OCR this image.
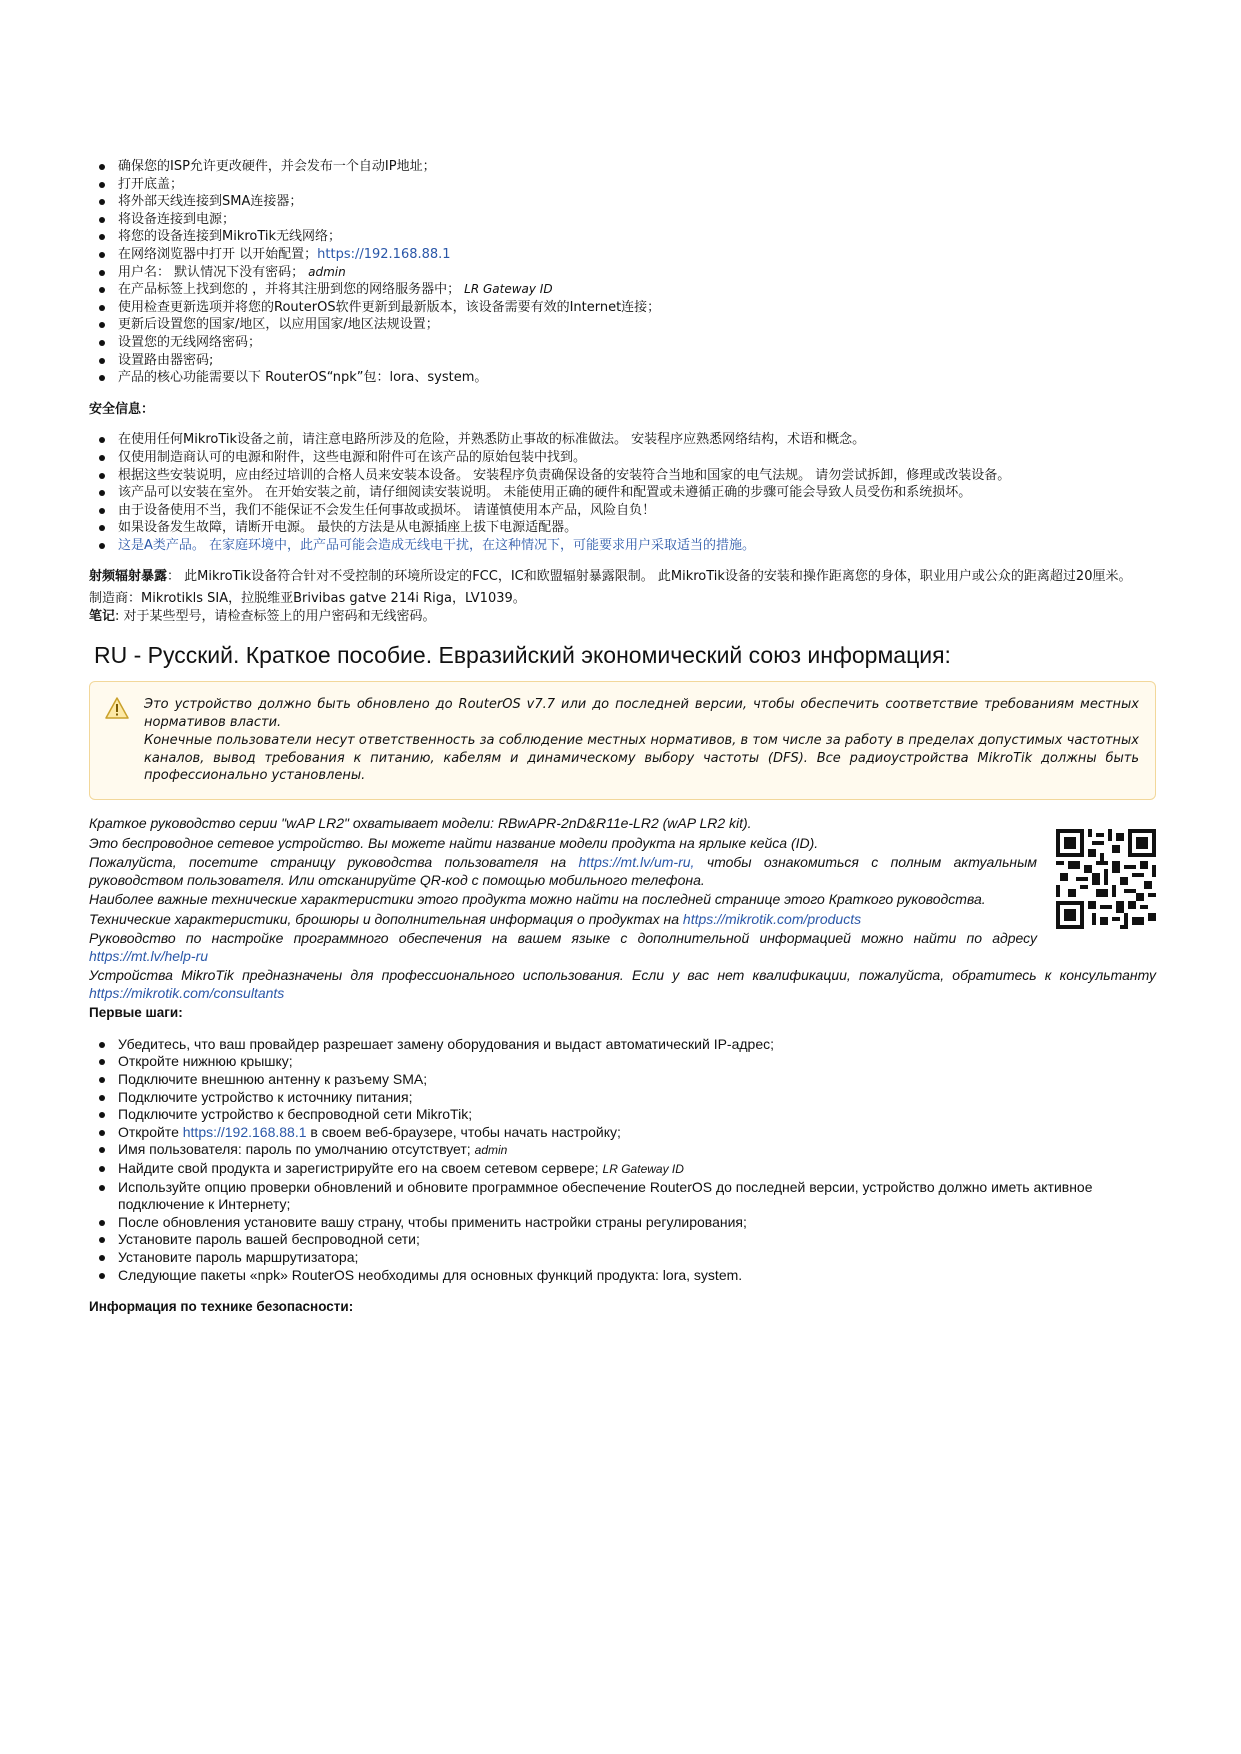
确保您的ISP允许更改硬件，并会发布一个自动IP地址；
打开底盖；
将外部天线连接到SMA连接器；
将设备连接到电源；
将您的设备连接到MikroTik无线网络；
在网络浏览器中打开 以开始配置；https://192.168.88.1
用户名： 默认情况下没有密码； admin
在产品标签上找到您的 ，并将其注册到您的网络服务器中； LR Gateway ID
使用检查更新选项并将您的RouterOS软件更新到最新版本，该设备需要有效的Internet连接；
更新后设置您的国家/地区，以应用国家/地区法规设置；
设置您的无线网络密码；
设置路由器密码;
产品的核心功能需要以下 RouterOS“npk”包：lora、system。

安全信息：

在使用任何MikroTik设备之前，请注意电路所涉及的危险，并熟悉防止事故的标准做法。 安装程序应熟悉网络结构，术语和概念。
仅使用制造商认可的电源和附件，这些电源和附件可在该产品的原始包装中找到。
根据这些安装说明，应由经过培训的合格人员来安装本设备。 安装程序负责确保设备的安装符合当地和国家的电气法规。 请勿尝试拆卸，修理或改装设备。
该产品可以安装在室外。 在开始安装之前，请仔细阅读安装说明。 未能使用正确的硬件和配置或未遵循正确的步骤可能会导致人员受伤和系统损坏。
由于设备使用不当，我们不能保证不会发生任何事故或损坏。 请谨慎使用本产品，风险自负！
如果设备发生故障，请断开电源。 最快的方法是从电源插座上拔下电源适配器。
这是A类产品。 在家庭环境中，此产品可能会造成无线电干扰，在这种情况下，可能要求用户采取适当的措施。

射频辐射暴露： 此MikroTik设备符合针对不受控制的环境所设定的FCC，IC和欧盟辐射暴露限制。 此MikroTik设备的安装和操作距离您的身体，职业用户或公众的距离超过20厘米。

制造商：Mikrotikls SIA，拉脱维亚Brivibas gatve 214i Riga，LV1039。

笔记: 对于某些型号，请检查标签上的用户密码和无线密码。

RU - Русский. Краткое пособие. Евразийский экономический союз информация:

Это устройство должно быть обновлено до RouterOS v7.7 или до последней версии, чтобы обеспечить соответствие требованиям местных нормативов власти.

Конечные пользователи несут ответственность за соблюдение местных нормативов, в том числе за работу в пределах допустимых частотных каналов, вывод требования к питанию, кабелям и динамическому выбору частоты (DFS). Все радиоустройства MikroTik должны быть профессионально установлены.

Краткое руководство серии "wAP LR2" охватывает модели: RBwAPR-2nD&R11e-LR2 (wAP LR2 kit).

Это беспроводное сетевое устройство. Вы можете найти название модели продукта на ярлыке кейса (ID).

Пожалуйста, посетите страницу руководства пользователя на https://mt.lv/um-ru, чтобы ознакомиться с полным актуальным руководством пользователя. Или отсканируйте QR-код с помощью мобильного телефона.

Наиболее важные технические характеристики этого продукта можно найти на последней странице этого Краткого руководства.

Технические характеристики, брошюры и дополнительная информация о продуктах на https://mikrotik.com/products

Руководство по настройке программного обеспечения на вашем языке с дополнительной информацией можно найти по адресу https://mt.lv/help-ru

Устройства MikroTik предназначены для профессионального использования. Если у вас нет квалификации, пожалуйста, обратитесь к консультанту https://mikrotik.com/consultants

Первые шаги:

Убедитесь, что ваш провайдер разрешает замену оборудования и выдаст автоматический IP-адрес;
Откройте нижнюю крышку;
Подключите внешнюю антенну к разъему SMA;
Подключите устройство к источнику питания;
Подключите устройство к беспроводной сети MikroTik;
Откройте https://192.168.88.1 в своем веб-браузере, чтобы начать настройку;
Имя пользователя: пароль по умолчанию отсутствует; admin
Найдите свой продукта и зарегистрируйте его на своем сетевом сервере; LR Gateway ID
Используйте опцию проверки обновлений и обновите программное обеспечение RouterOS до последней версии, устройство должно иметь активное подключение к Интернету;
После обновления установите вашу страну, чтобы применить настройки страны регулирования;
Установите пароль вашей беспроводной сети;
Установите пароль маршрутизатора;
Следующие пакеты «npk» RouterOS необходимы для основных функций продукта: lora, system.

Информация по технике безопасности:
